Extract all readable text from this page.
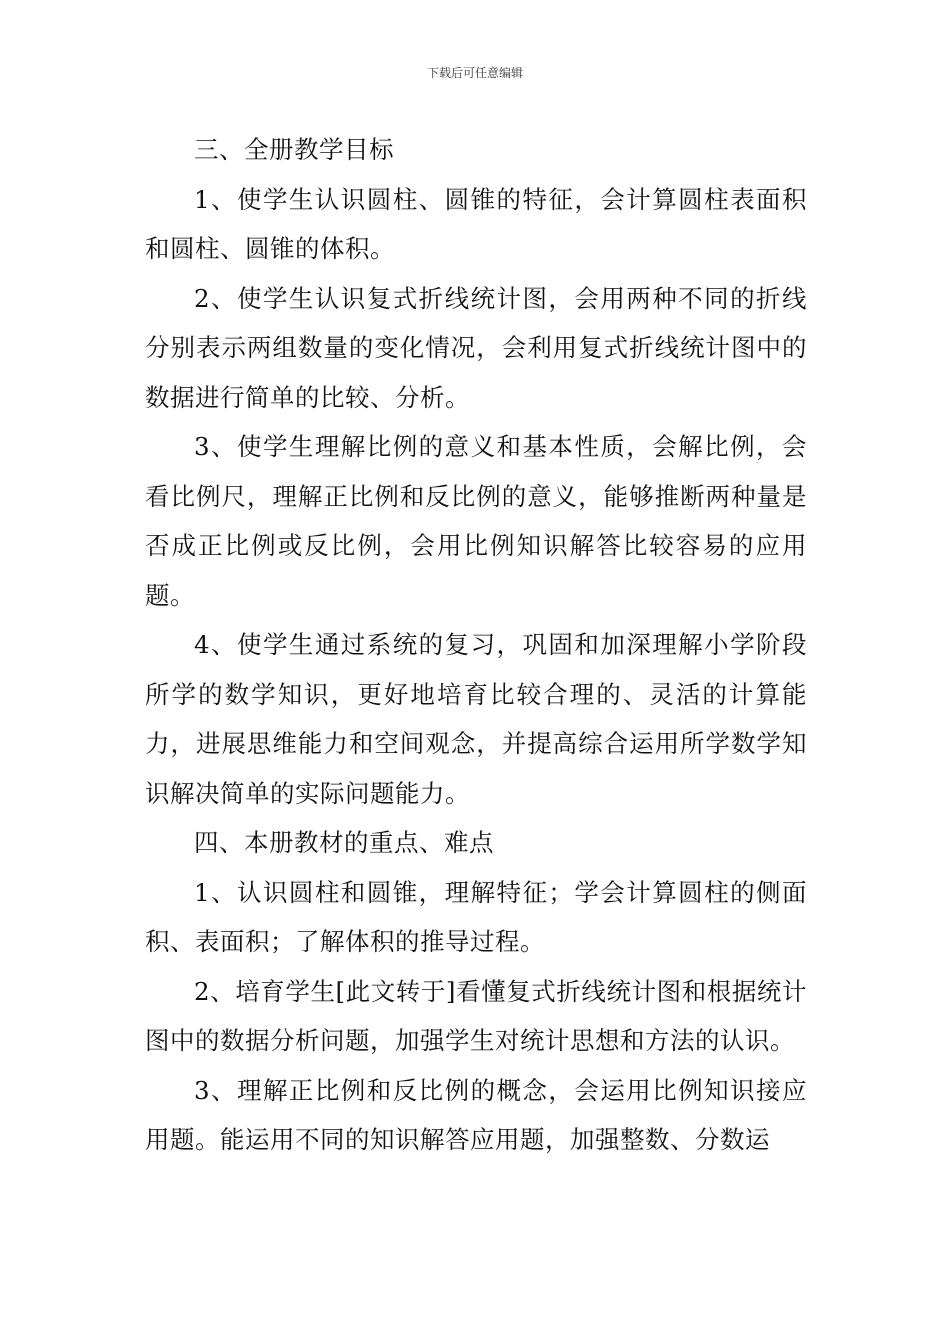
下载后可任意编辑

三、全册教学目标

1、使学生认识圆柱、圆锥的特征，会计算圆柱表面积和圆柱、圆锥的体积。

2、使学生认识复式折线统计图，会用两种不同的折线分别表示两组数量的变化情况，会利用复式折线统计图中的数据进行简单的比较、分析。

3、使学生理解比例的意义和基本性质，会解比例，会看比例尺，理解正比例和反比例的意义，能够推断两种量是否成正比例或反比例，会用比例知识解答比较容易的应用题。

4、使学生通过系统的复习，巩固和加深理解小学阶段所学的数学知识，更好地培育比较合理的、灵活的计算能力，进展思维能力和空间观念，并提高综合运用所学数学知识解决简单的实际问题能力。

四、本册教材的重点、难点

1、认识圆柱和圆锥，理解特征；学会计算圆柱的侧面积、表面积；了解体积的推导过程。

2、培育学生[此文转于]看懂复式折线统计图和根据统计图中的数据分析问题，加强学生对统计思想和方法的认识。

3、理解正比例和反比例的概念，会运用比例知识接应用题。能运用不同的知识解答应用题，加强整数、分数运
